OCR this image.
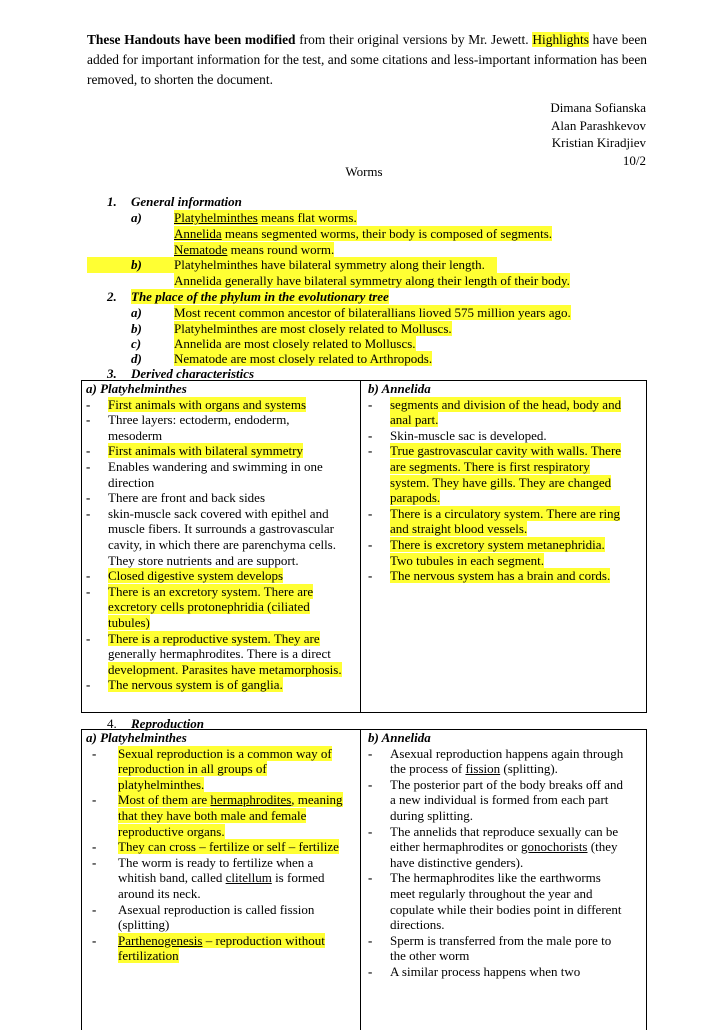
These Handouts have been modified from their original versions by Mr. Jewett. Highlights have been added for important information for the test, and some citations and less-important information has been removed, to shorten the document.
Dimana Sofianska
Alan Parashkevov
Kristian Kiradjiev
10/2
Worms
1. General information
a) Platyhelminthes means flat worms.
Annelida means segmented worms, their body is composed of segments.
Nematode means round worm.
b) Platyhelminthes have bilateral symmetry along their length.
Annelida generally have bilateral symmetry along their length of their body.
2. The place of the phylum in the evolutionary tree
a) Most recent common ancestor of bilaterallians lioved 575 million years ago.
b) Platyhelminthes are most closely related to Molluscs.
c)	Annelida are most closely related to Molluscs.
d) Nematode are most closely related to Arthropods.
3. Derived characteristics
a) Platyhelminthes
-	First animals with organs and systems
-	Three layers: ectoderm, endoderm,
mesoderm
-	First animals with bilateral symmetry
-	Enables wandering and swimming in one
direction
-	There are front and back sides
-	skin-muscle sack covered with epithel and
muscle fibers. It surrounds a gastrovascular
cavity, in which there are parenchyma cells.
They store nutrients and are support.
-	Closed digestive system develops
-	There is an excretory system. There are
excretory cells protonephridia (ciliated
tubules)
-	There is a reproductive system. They are
generally hermaphrodites. There is a direct
development. Parasites have metamorphosis.
-	The nervous system is of ganglia.
b) Annelida
-	segments and division of the head, body and
anal part.
-	Skin-muscle sac is developed.
-	True gastrovascular cavity with walls. There
are segments. There is first respiratory
system. They have gills. They are changed
parapods.
-	There is a circulatory system. There are ring
and straight blood vessels.
-	There is excretory system metanephridia.
Two tubules in each segment.
-	The nervous system has a brain and cords.
4. Reproduction
a) Platyhelminthes
-	Sexual reproduction is a common way of
reproduction in all groups of
platyhelminthes.
-	Most of them are hermaphrodites, meaning
that they have both male and female
reproductive organs.
-	They can cross – fertilize or self – fertilize
-	The worm is ready to fertilize when a
whitish band, called clitellum is formed
around its neck.
-	Asexual reproduction is called fission
(splitting)
-	Parthenogenesis – reproduction without
fertilization
b) Annelida
-	Asexual reproduction happens again through
the process of fission (splitting).
-	The posterior part of the body breaks off and
a new individual is formed from each part
during splitting.
-	The annelids that reproduce sexually can be
either hermaphrodites or gonochorists (they
have distinctive genders).
-	The hermaphrodites like the earthworms
meet regularly throughout the year and
copulate while their bodies point in different
directions.
-	Sperm is transferred from the male pore to
the other worm
-	A similar process happens when two
